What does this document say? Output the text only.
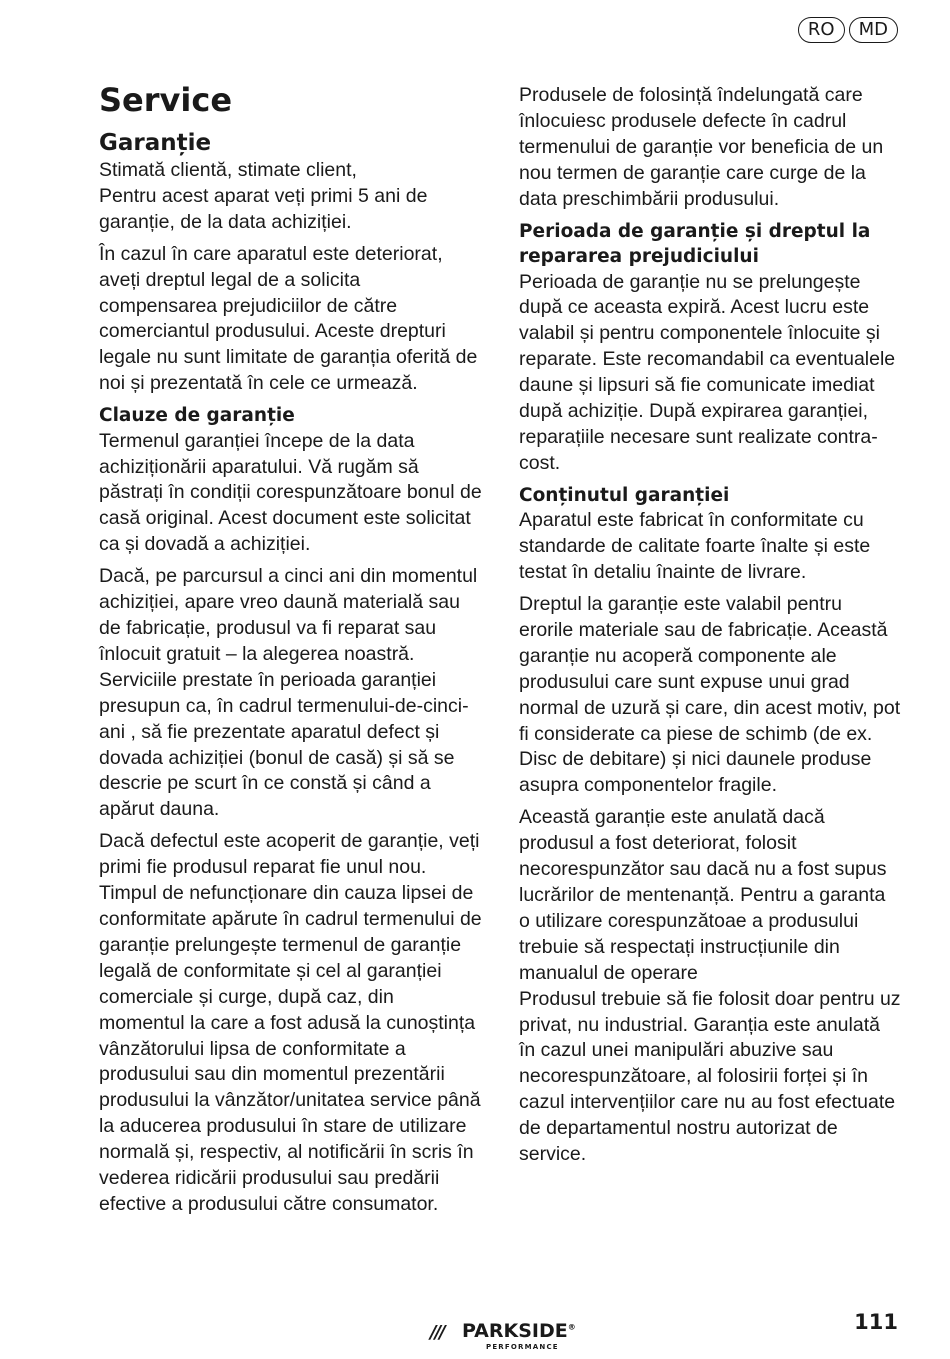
RO	MD
Service
Garanție

Stimată clientă, stimate client,
Pentru acest aparat veți primi 5 ani de garanție, de la data achiziției.

În cazul în care aparatul este deteriorat, aveți dreptul legal de a solicita compensarea prejudiciilor de către comerciantul produsului. Aceste drepturi legale nu sunt limitate de garanția oferită de noi și prezentată în cele ce urmează.

Clauze de garanție

Termenul garanției începe de la data achiziționării aparatului. Vă rugăm să păstrați în condiții corespunzătoare bonul de casă original. Acest document este solicitat ca și dovadă a achiziției.

Dacă, pe parcursul a cinci ani din momentul achiziției, apare vreo daună materială sau de fabricație, produsul va fi reparat sau înlocuit gratuit – la alegerea noastră. Serviciile prestate în perioada garanției presupun ca, în cadrul termenului-de-cinci-ani , să fie prezentate aparatul defect și dovada achiziției (bonul de casă) și să se descrie pe scurt în ce constă și când a apărut dauna.

Dacă defectul este acoperit de garanție, veți primi fie produsul reparat fie unul nou. Timpul de nefuncționare din cauza lipsei de conformitate apărute în cadrul termenului de garanție prelungește termenul de garanție legală de conformitate și cel al garanției comerciale și curge, după caz, din momentul la care a fost adusă la cunoștința vânzătorului lipsa de conformitate a produsului sau din momentul prezentării produsului la vânzător/unitatea service până la aducerea produsului în stare de utilizare normală și, respectiv, al notificării în scris în vederea ridicării produsului sau predării efective a produsului către consumator.

Produsele de folosință îndelungată care înlocuiesc produsele defecte în cadrul termenului de garanție vor beneficia de un nou termen de garanție care curge de la data preschimbării produsului.

Perioada de garanție și dreptul la repararea prejudiciului

Perioada de garanție nu se prelungește după ce aceasta expiră. Acest lucru este valabil și pentru componentele înlocuite și reparate. Este recomandabil ca eventualele daune și lipsuri să fie comunicate imediat după achiziție. După expirarea garanției, reparațiile necesare sunt realizate contra-cost.

Conținutul garanției

Aparatul este fabricat în conformitate cu standarde de calitate foarte înalte și este testat în detaliu înainte de livrare.

Dreptul la garanție este valabil pentru erorile materiale sau de fabricație. Această garanție nu acoperă componente ale produsului care sunt expuse unui grad normal de uzură și care, din acest motiv, pot fi considerate ca piese de schimb (de ex. Disc de debitare) și nici daunele produse asupra componentelor fragile.

Această garanție este anulată dacă produsul a fost deteriorat, folosit necorespunzător sau dacă nu a fost supus lucrărilor de mentenanță. Pentru a garanta o utilizare corespunzătoae a produsului trebuie să respectați instrucțiunile din manualul de operare
Produsul trebuie să fie folosit doar pentru uz privat, nu industrial. Garanția este anulată în cazul unei manipulări abuzive sau necorespunzătoare, al folosirii forței și în cazul intervențiilor care nu au fost efectuate de departamentul nostru autorizat de service.

/// PARKSIDE®
PERFORMANCE
111
